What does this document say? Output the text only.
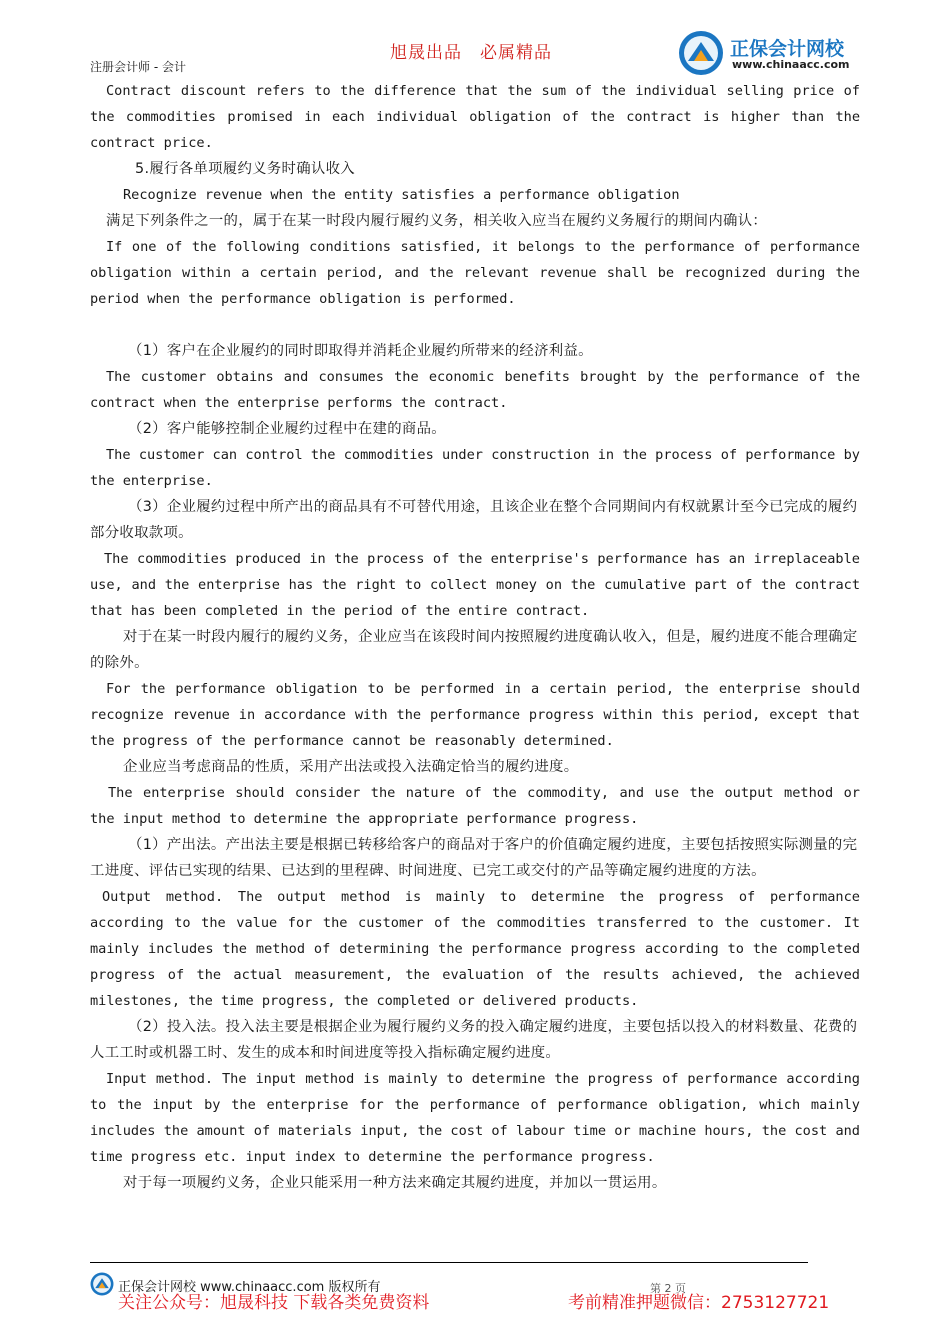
旭晟出品　必属精品
注册会计师 - 会计
正保会计网校
www.chinaacc.com

Contract discount refers to the difference that the sum of the individual selling price of the commodities promised in each individual obligation of the contract is higher than the contract price.

5.履行各单项履约义务时确认收入

Recognize revenue when the entity satisfies a performance obligation

满足下列条件之一的，属于在某一时段内履行履约义务，相关收入应当在履约义务履行的期间内确认：

If one of the following conditions satisfied, it belongs to the performance of performance obligation within a certain period, and the relevant revenue shall be recognized during the period when the performance obligation is performed.

（1）客户在企业履约的同时即取得并消耗企业履约所带来的经济利益。

The customer obtains and consumes the economic benefits brought by the performance of the contract when the enterprise performs the contract.

（2）客户能够控制企业履约过程中在建的商品。

The customer can control the commodities under construction in the process of performance by the enterprise.

（3）企业履约过程中所产出的商品具有不可替代用途，且该企业在整个合同期间内有权就累计至今已完成的履约部分收取款项。

The commodities produced in the process of the enterprise's performance has an irreplaceable use, and the enterprise has the right to collect money on the cumulative part of the contract that has been completed in the period of the entire contract.

对于在某一时段内履行的履约义务，企业应当在该段时间内按照履约进度确认收入，但是，履约进度不能合理确定的除外。

For the performance obligation to be performed in a certain period, the enterprise should recognize revenue in accordance with the performance progress within this period, except that the progress of the performance cannot be reasonably determined.

企业应当考虑商品的性质，采用产出法或投入法确定恰当的履约进度。

The enterprise should consider the nature of the commodity, and use the output method or the input method to determine the appropriate performance progress.

（1）产出法。产出法主要是根据已转移给客户的商品对于客户的价值确定履约进度，主要包括按照实际测量的完工进度、评估已实现的结果、已达到的里程碑、时间进度、已完工或交付的产品等确定履约进度的方法。

Output method. The output method is mainly to determine the progress of performance according to the value for the customer of the commodities transferred to the customer. It mainly includes the method of determining the performance progress according to the completed progress of the actual measurement, the evaluation of the results achieved, the achieved milestones, the time progress, the completed or delivered products.

（2）投入法。投入法主要是根据企业为履行履约义务的投入确定履约进度，主要包括以投入的材料数量、花费的人工工时或机器工时、发生的成本和时间进度等投入指标确定履约进度。

Input method. The input method is mainly to determine the progress of performance according to the input by the enterprise for the performance of performance obligation, which mainly includes the amount of materials input, the cost of labour time or machine hours, the cost and time progress etc. input index to determine the performance progress.

对于每一项履约义务，企业只能采用一种方法来确定其履约进度，并加以一贯运用。

正保会计网校 www.chinaacc.com 版权所有	第 2 页
关注公众号：旭晟科技 下载各类免费资料	考前精准押题微信：2753127721
